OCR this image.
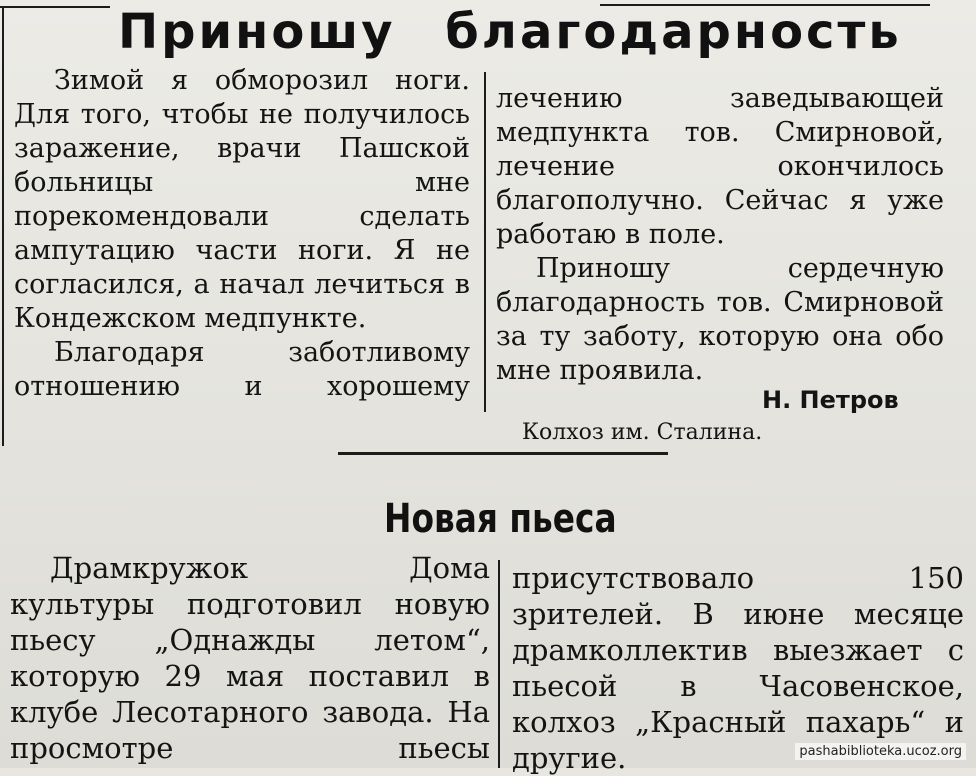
Приношу благодарность

Зимой я обморозил ноги. Для того, чтобы не получилось заражение, врачи Пашской больницы мне порекомендовали сделать ампутацию части ноги. Я не согласился, а начал лечиться в Кондежском медпункте.

Благодаря заботливому отношению и хорошему

лечению заведывающей медпункта тов. Смирновой, лечение окончилось благополучно. Сейчас я уже работаю в поле.

Приношу сердечную благодарность тов. Смирновой за ту заботу, которую она обо мне проявила.

Н. Петров
Колхоз им. Сталина.
Новая пьеса

Драмкружок Дома культуры подготовил новую пьесу „Однажды летом“, которую 29 мая поставил в клубе Лесотарного завода. На просмотре пьесы

присутствовало 150 зрителей. В июне месяце драмколлектив выезжает с пьесой в Часовенское, колхоз „Красный пахарь“ и другие.	pashabiblioteka.ucoz.org
